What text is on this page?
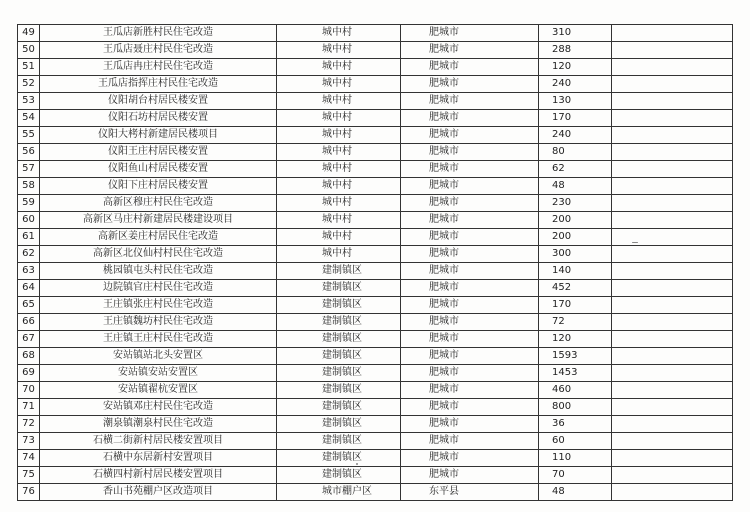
49	王瓜店新胜村民住宅改造	城中村	肥城市	310	
50	王瓜店聂庄村民住宅改造	城中村	肥城市	288	
51	王瓜店冉庄村民住宅改造	城中村	肥城市	120	
52	王瓜店指挥庄村民住宅改造	城中村	肥城市	240	
53	仪阳胡台村居民楼安置	城中村	肥城市	130	
54	仪阳石坊村居民楼安置	城中村	肥城市	170	
55	仪阳大栲村新建居民楼项目	城中村	肥城市	240	
56	仪阳王庄村居民楼安置	城中村	肥城市	80	
57	仪阳鱼山村居民楼安置	城中村	肥城市	62	
58	仪阳下庄村居民楼安置	城中村	肥城市	48	
59	高新区穆庄村民住宅改造	城中村	肥城市	230	
60	高新区马庄村新建居民楼建设项目	城中村	肥城市	200	
61	高新区姜庄村居民住宅改造	城中村	肥城市	200	
62	高新区北仪仙村村民住宅改造	城中村	肥城市	300	
63	桃园镇屯头村民住宅改造	建制镇区	肥城市	140	
64	边院镇官庄村民住宅改造	建制镇区	肥城市	452	
65	王庄镇张庄村民住宅改造	建制镇区	肥城市	170	
66	王庄镇魏坊村民住宅改造	建制镇区	肥城市	72	
67	王庄镇王庄村民住宅改造	建制镇区	肥城市	120	
68	安站镇站北头安置区	建制镇区	肥城市	1593	
69	安站镇安站安置区	建制镇区	肥城市	1453	
70	安站镇翟杭安置区	建制镇区	肥城市	460	
71	安站镇邓庄村民住宅改造	建制镇区	肥城市	800	
72	潮泉镇潮泉村民住宅改造	建制镇区	肥城市	36	
73	石横二街新村居民楼安置项目	建制镇区	肥城市	60	
74	石横中东居新村安置项目	建制镇区	肥城市	110	
75	石横四村新村居民楼安置项目	建制镇区	肥城市	70	
76	香山书苑棚户区改造项目	城市棚户区	东平县	48	
